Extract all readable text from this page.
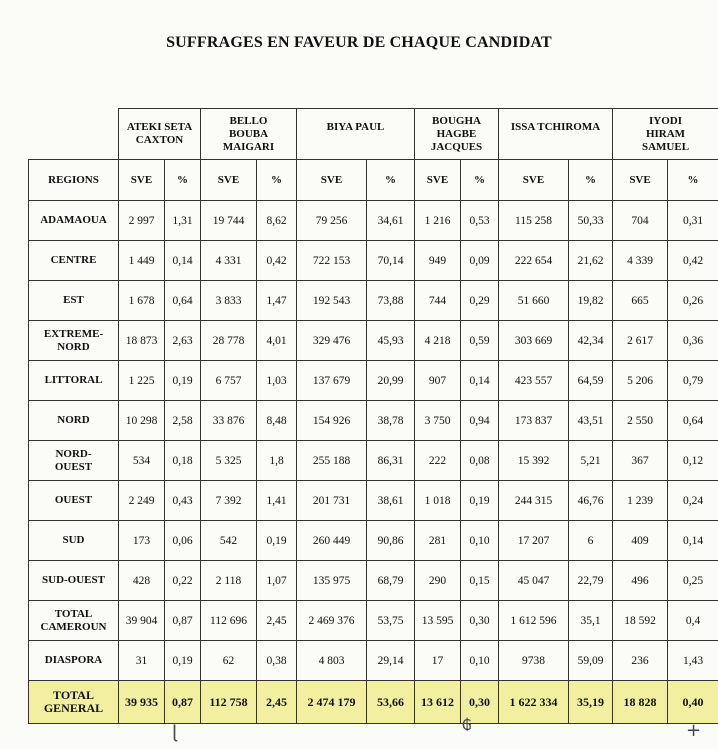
SUFFRAGES EN FAVEUR DE CHAQUE CANDIDAT
	ATEKI SETA
CAXTON		BELLO
BOUBA
MAIGARI		BIYA PAUL		BOUGHA
HAGBE
JACQUES		ISSA TCHIROMA		IYODI
HIRAM
SAMUEL	
REGIONS	SVE	%	SVE	%	SVE	%	SVE	%	SVE	%	SVE	%
ADAMAOUA	2 997	1,31	19 744	8,62	79 256	34,61	1 216	0,53	115 258	50,33	704	0,31
CENTRE	1 449	0,14	4 331	0,42	722 153	70,14	949	0,09	222 654	21,62	4 339	0,42
EST	1 678	0,64	3 833	1,47	192 543	73,88	744	0,29	51 660	19,82	665	0,26
EXTREME-
NORD	18 873	2,63	28 778	4,01	329 476	45,93	4 218	0,59	303 669	42,34	2 617	0,36
LITTORAL	1 225	0,19	6 757	1,03	137 679	20,99	907	0,14	423 557	64,59	5 206	0,79
NORD	10 298	2,58	33 876	8,48	154 926	38,78	3 750	0,94	173 837	43,51	2 550	0,64
NORD-
OUEST	534	0,18	5 325	1,8	255 188	86,31	222	0,08	15 392	5,21	367	0,12
OUEST	2 249	0,43	7 392	1,41	201 731	38,61	1 018	0,19	244 315	46,76	1 239	0,24
SUD	173	0,06	542	0,19	260 449	90,86	281	0,10	17 207	6	409	0,14
SUD-OUEST	428	0,22	2 118	1,07	135 975	68,79	290	0,15	45 047	22,79	496	0,25
TOTAL
CAMEROUN	39 904	0,87	112 696	2,45	2 469 376	53,75	13 595	0,30	1 612 596	35,1	18 592	0,4
DIASPORA	31	0,19	62	0,38	4 803	29,14	17	0,10	9738	59,09	236	1,43
TOTAL
GENERAL	39 935	0,87	112 758	2,45	2 474 179	53,66	13 612	0,30	1 622 334	35,19	18 828	0,40
ɭ	₲	+
